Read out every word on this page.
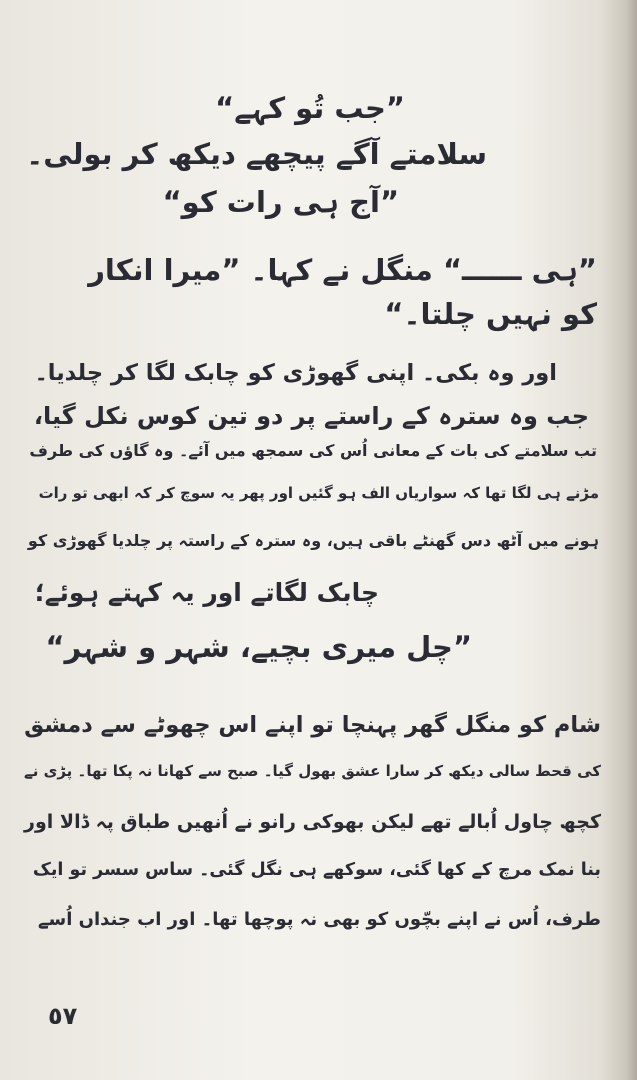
”جب تُو کہے“
سلامتے آگے پیچھے دیکھ کر بولی۔
”آج ہی رات کو“
”ہی ــــــ“ منگل نے کہا۔ ”میرا انکار
کو نہیں چلتا۔“
اور وہ بکی۔ اپنی گھوڑی کو چابک لگا کر چلدیا۔
جب وہ سترہ کے راستے پر دو تین کوس نکل گیا،
تب سلامتے کی بات کے معانی اُس کی سمجھ میں آئے۔ وہ گاؤں کی طرف
مڑنے ہی لگا تھا کہ سواریاں الف ہو گئیں اور پھر یہ سوچ کر کہ ابھی تو رات
ہونے میں آٹھ دس گھنٹے باقی ہیں، وہ سترہ کے راستہ پر چلدیا گھوڑی کو
چابک لگاتے اور یہ کہتے ہوئے؛
”چل میری بچیے، شہر و شہر“
شام کو منگل گھر پہنچا تو اپنے اس چھوٹے سے دمشق
کی قحط سالی دیکھ کر سارا عشق بھول گیا۔ صبح سے کھانا نہ پکا تھا۔ پڑی نے
کچھ چاول اُبالے تھے لیکن بھوکی رانو نے اُنھیں طباق پہ ڈالا اور
بنا نمک مرچ کے کھا گئی، سوکھے ہی نگل گئی۔ ساس سسر تو ایک
طرف، اُس نے اپنے بچّوں کو بھی نہ پوچھا تھا۔ اور اب جنداں اُسے
٥٧
